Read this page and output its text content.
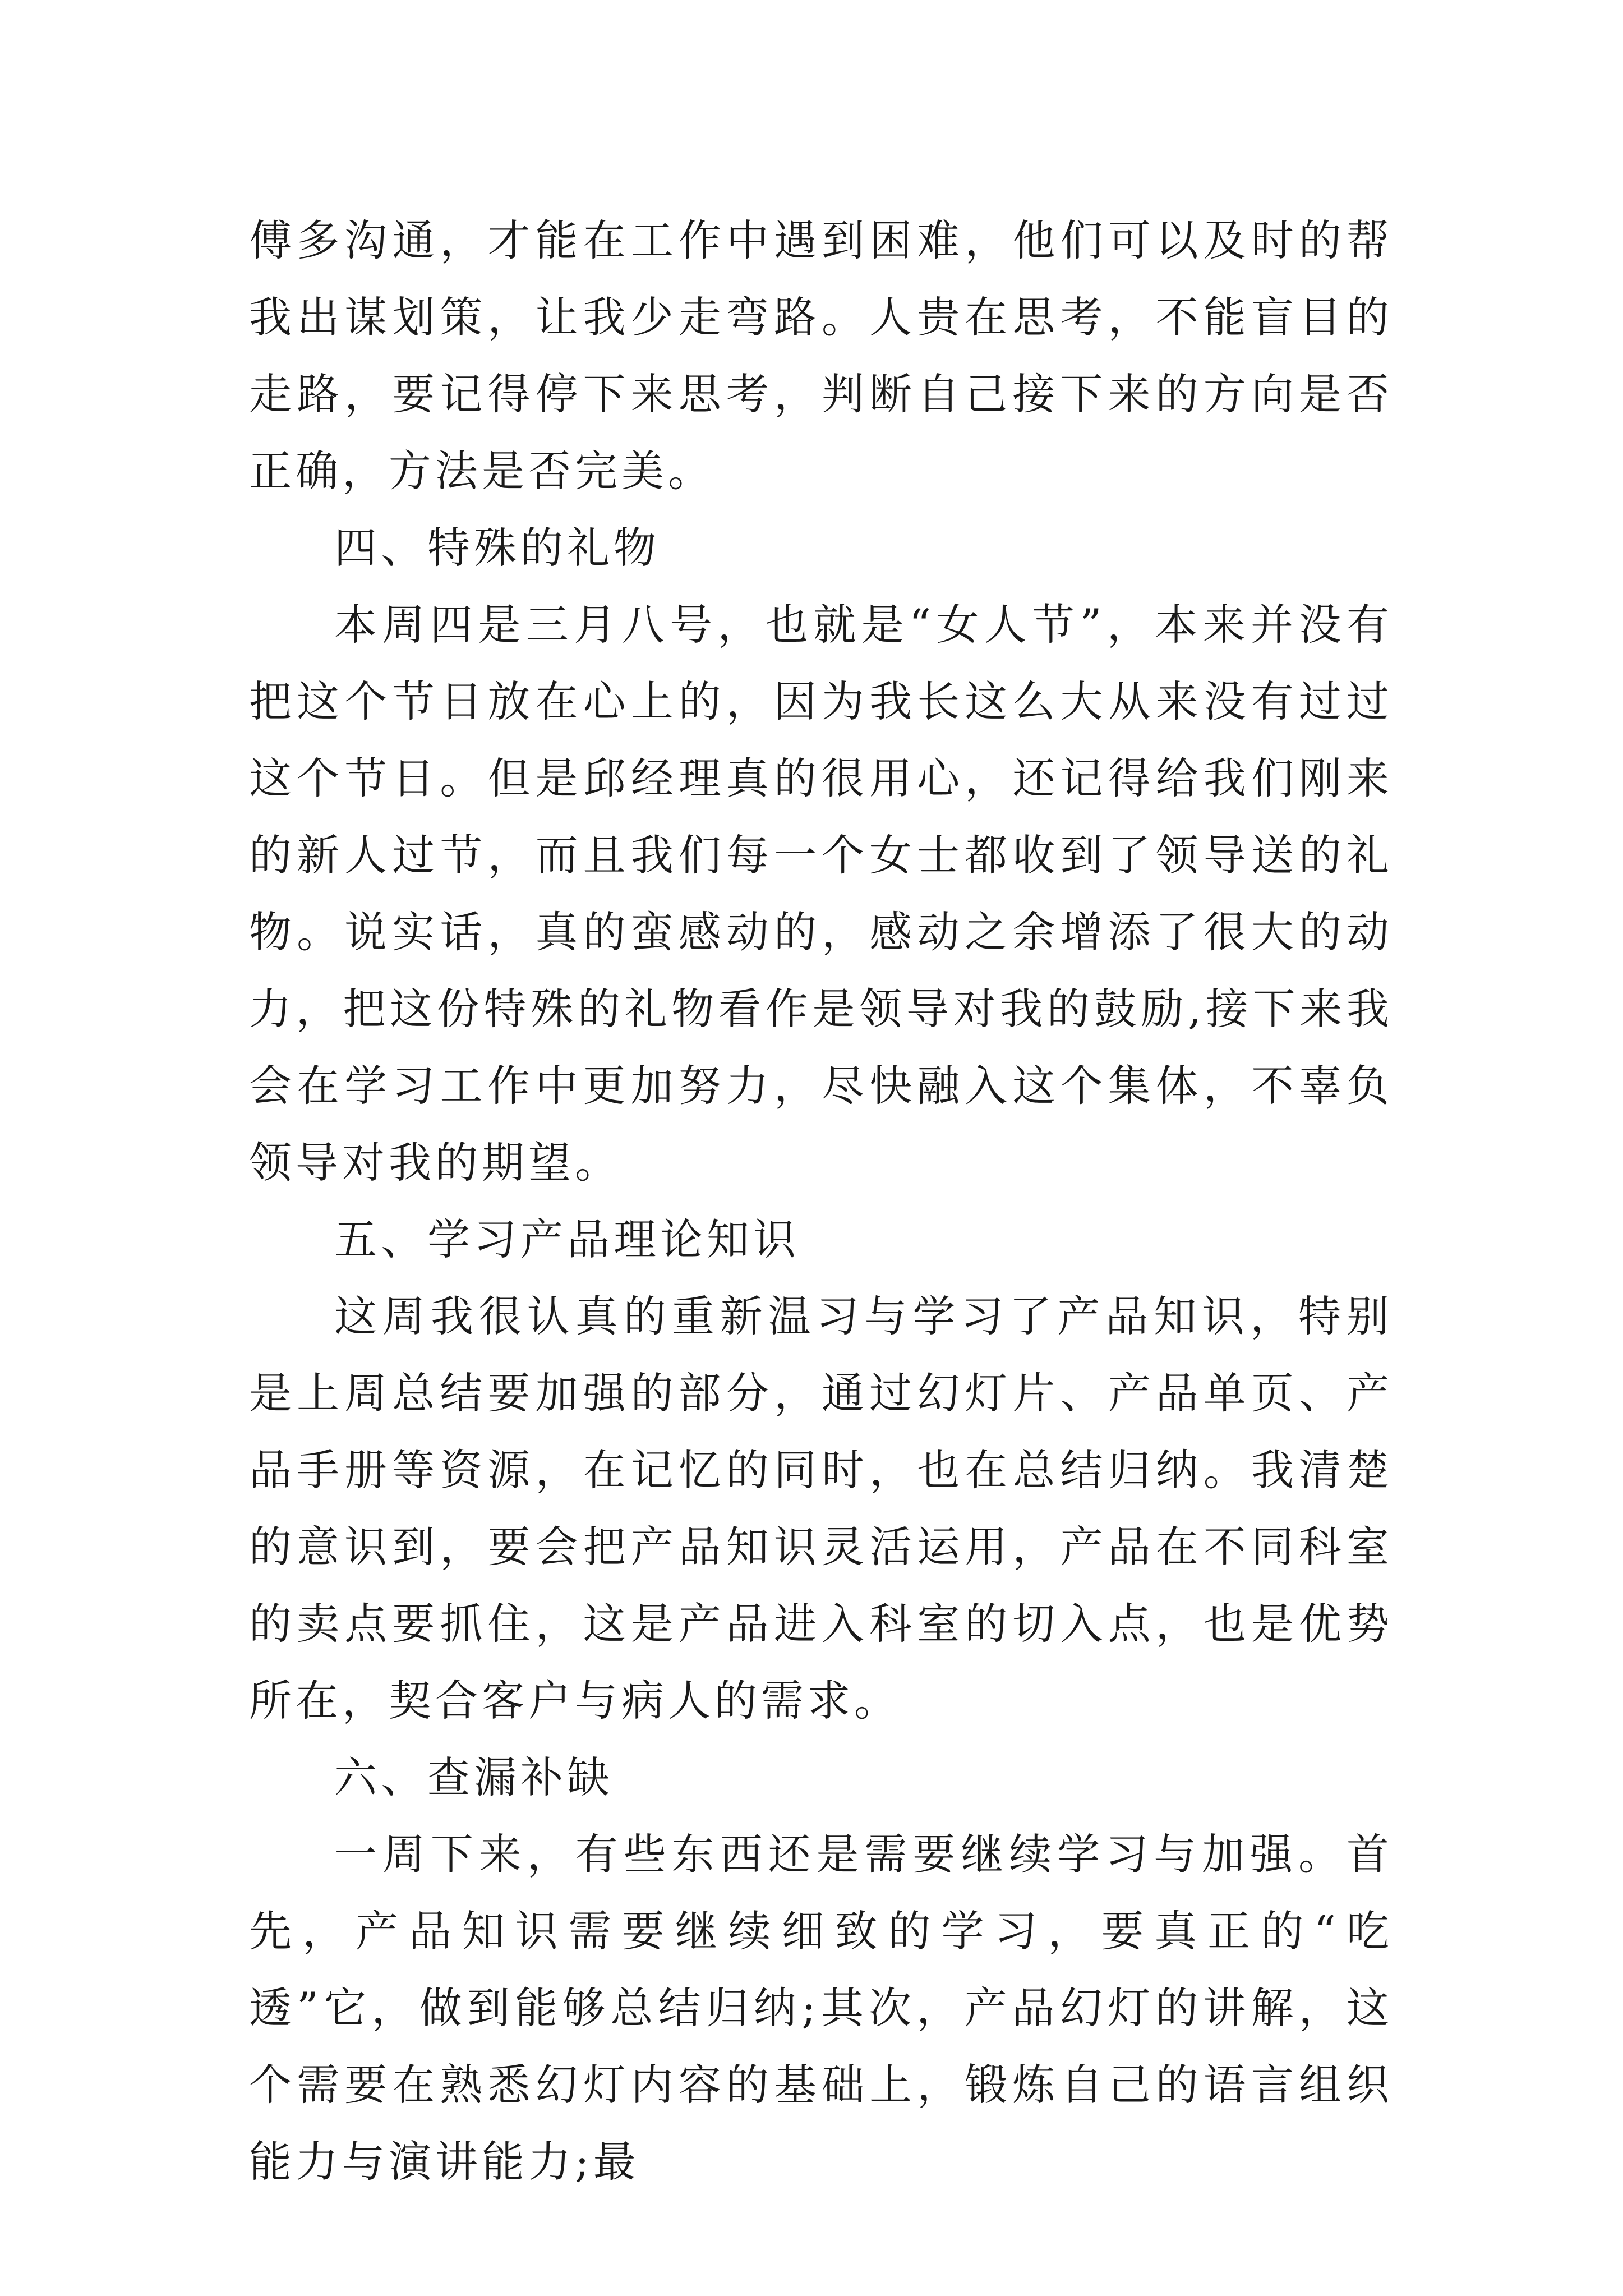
傅多沟通，才能在工作中遇到困难，他们可以及时的帮我出谋划策，让我少走弯路。人贵在思考，不能盲目的走路，要记得停下来思考，判断自己接下来的方向是否正确，方法是否完美。

四、特殊的礼物

本周四是三月八号，也就是“女人节”，本来并没有把这个节日放在心上的，因为我长这么大从来没有过过这个节日。但是邱经理真的很用心，还记得给我们刚来的新人过节，而且我们每一个女士都收到了领导送的礼物。说实话，真的蛮感动的，感动之余增添了很大的动力，把这份特殊的礼物看作是领导对我的鼓励,接下来我会在学习工作中更加努力，尽快融入这个集体，不辜负领导对我的期望。

五、学习产品理论知识

这周我很认真的重新温习与学习了产品知识，特别是上周总结要加强的部分，通过幻灯片、产品单页、产品手册等资源，在记忆的同时，也在总结归纳。我清楚的意识到，要会把产品知识灵活运用，产品在不同科室的卖点要抓住，这是产品进入科室的切入点，也是优势所在，契合客户与病人的需求。

六、查漏补缺

一周下来，有些东西还是需要继续学习与加强。首先，产品知识需要继续细致的学习，要真正的“吃透”它，做到能够总结归纳;其次，产品幻灯的讲解，这个需要在熟悉幻灯内容的基础上，锻炼自己的语言组织能力与演讲能力;最
